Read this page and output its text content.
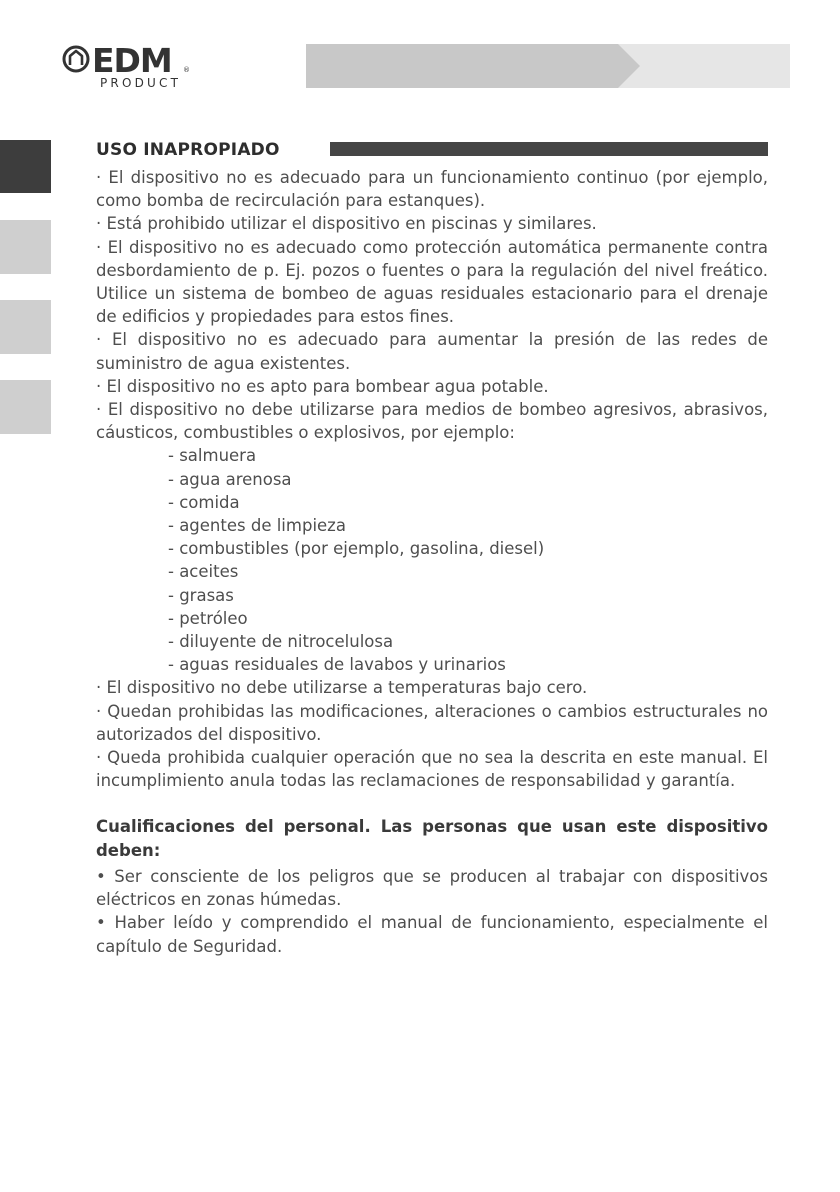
EDM ®
PRODUCT
USO INAPROPIADO

· El dispositivo no es adecuado para un funcionamiento continuo (por ejemplo, como bomba de recirculación para estanques).

· Está prohibido utilizar el dispositivo en piscinas y similares.

· El dispositivo no es adecuado como protección automática permanente contra desbordamiento de p. Ej. pozos o fuentes o para la regulación del nivel freático. Utilice un sistema de bombeo de aguas residuales estacionario para el drenaje de edificios y propiedades para estos fines.

· El dispositivo no es adecuado para aumentar la presión de las redes de suministro de agua existentes.

· El dispositivo no es apto para bombear agua potable.

· El dispositivo no debe utilizarse para medios de bombeo agresivos, abrasivos, cáusticos, combustibles o explosivos, por ejemplo:

- salmuera
- agua arenosa
- comida
- agentes de limpieza
- combustibles (por ejemplo, gasolina, diesel)
- aceites
- grasas
- petróleo
- diluyente de nitrocelulosa
- aguas residuales de lavabos y urinarios

· El dispositivo no debe utilizarse a temperaturas bajo cero.

· Quedan prohibidas las modificaciones, alteraciones o cambios estructurales no autorizados del dispositivo.

· Queda prohibida cualquier operación que no sea la descrita en este manual. El incumplimiento anula todas las reclamaciones de responsabilidad y garantía.

Cualificaciones del personal. Las personas que usan este dispositivo deben:

• Ser consciente de los peligros que se producen al trabajar con dispositivos eléctricos en zonas húmedas.

• Haber leído y comprendido el manual de funcionamiento, especialmente el capítulo de Seguridad.
